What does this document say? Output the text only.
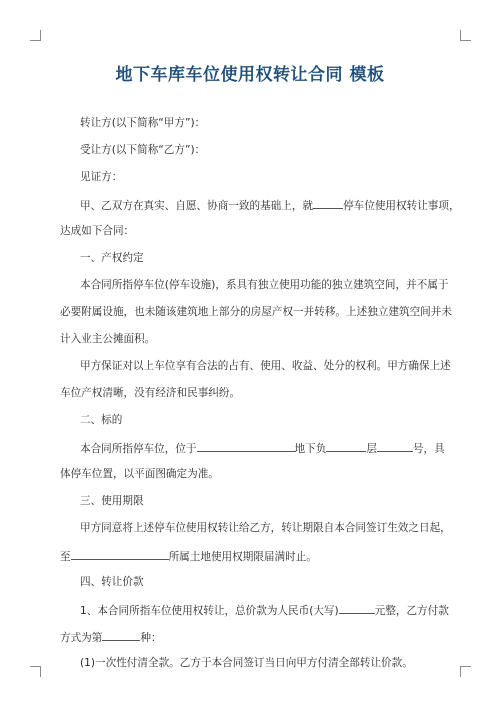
地下车库车位使用权转让合同 模板
转让方(以下简称“甲方”)：
受让方(以下简称“乙方”)：
见证方：
甲、乙双方在真实、自愿、协商一致的基础上，就	停车位使用权转让事项，
达成如下合同：
一、产权约定
本合同所指停车位(停车设施)，系具有独立使用功能的独立建筑空间，并不属于
必要附属设施，也未随该建筑地上部分的房屋产权一并转移。上述独立建筑空间并未
计入业主公摊面积。
甲方保证对以上车位享有合法的占有、使用、收益、处分的权利。甲方确保上述
车位产权清晰，没有经济和民事纠纷。
二、标的
本合同所指停车位，位于	地下负	层	号，具
体停车位置，以平面图确定为准。
三、使用期限
甲方同意将上述停车位使用权转让给乙方，转让期限自本合同签订生效之日起，
至	所属土地使用权期限届满时止。
四、转让价款
1、本合同所指车位使用权转让，总价款为人民币(大写)	元整，乙方付款
方式为第	种：
(1)一次性付清全款。乙方于本合同签订当日向甲方付清全部转让价款。
